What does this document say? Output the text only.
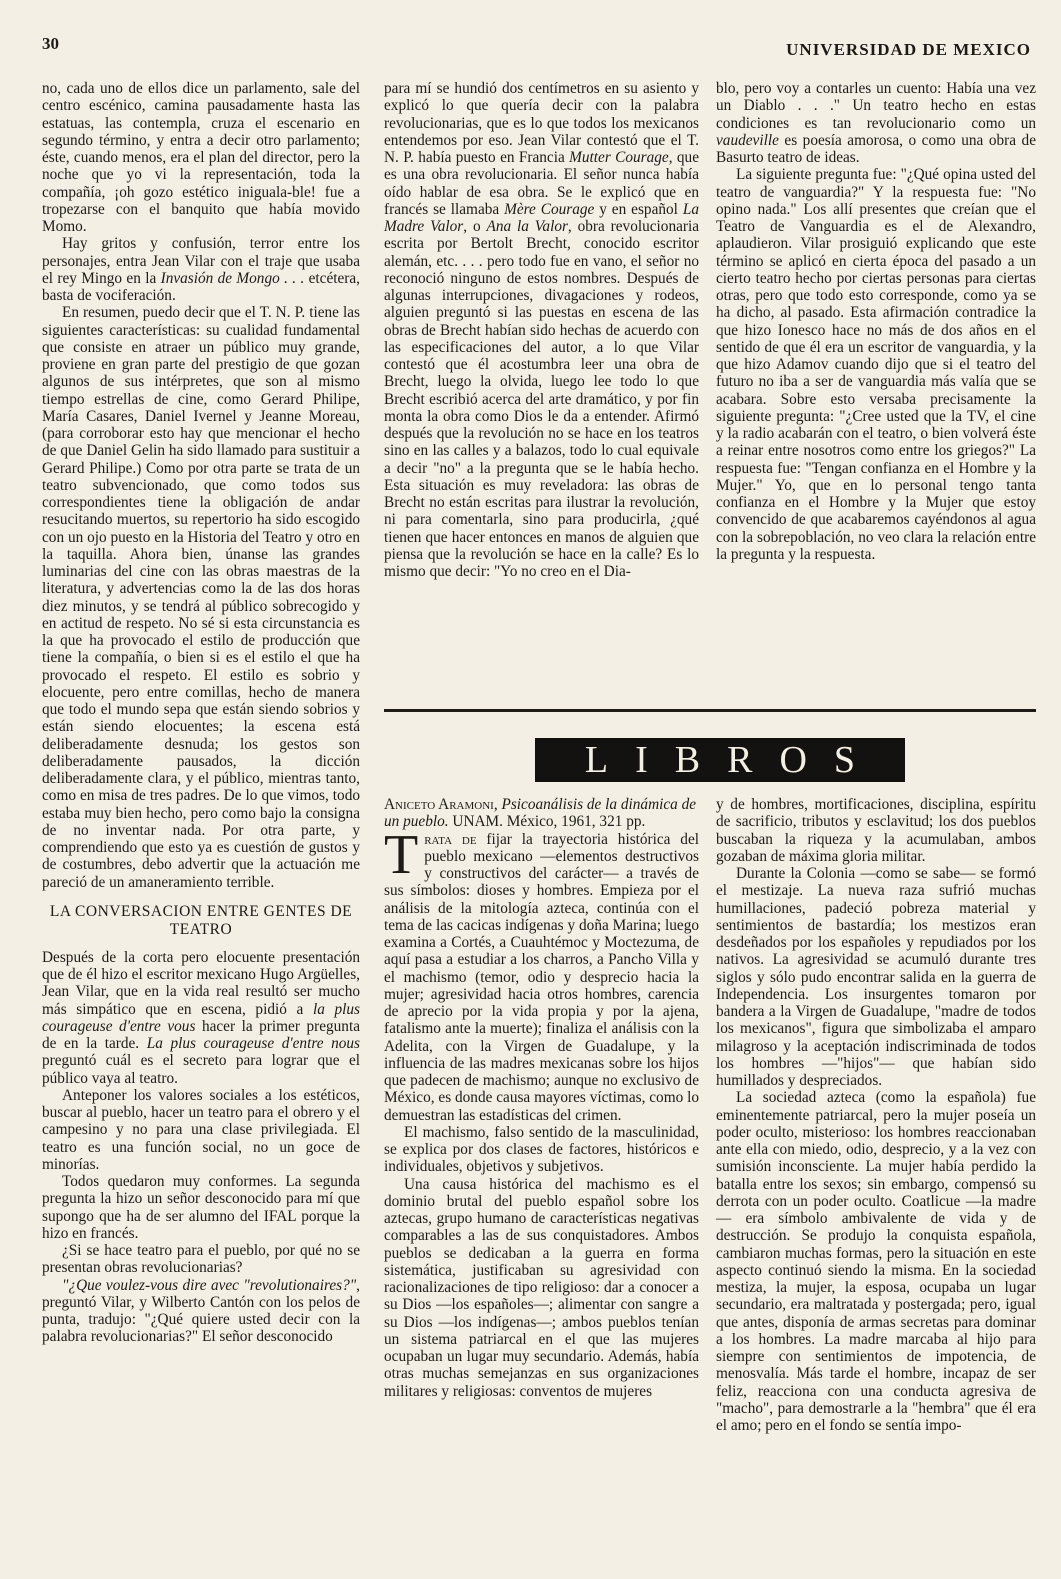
30	UNIVERSIDAD DE MEXICO

no, cada uno de ellos dice un parlamento, sale del centro escénico, camina pausadamente hasta las estatuas, las contempla, cruza el escenario en segundo término, y entra a decir otro parlamento; éste, cuando menos, era el plan del director, pero la noche que yo vi la representación, toda la compañía, ¡oh gozo estético iniguala-ble! fue a tropezarse con el banquito que había movido Momo.

Hay gritos y confusión, terror entre los personajes, entra Jean Vilar con el traje que usaba el rey Mingo en la Invasión de Mongo . . . etcétera, basta de vociferación.

En resumen, puedo decir que el T. N. P. tiene las siguientes características: su cualidad fundamental que consiste en atraer un público muy grande, proviene en gran parte del prestigio de que gozan algunos de sus intérpretes, que son al mismo tiempo estrellas de cine, como Gerard Philipe, María Casares, Daniel Ivernel y Jeanne Moreau, (para corroborar esto hay que mencionar el hecho de que Daniel Gelin ha sido llamado para sustituir a Gerard Philipe.) Como por otra parte se trata de un teatro subvencionado, que como todos sus correspondientes tiene la obligación de andar resucitando muertos, su repertorio ha sido escogido con un ojo puesto en la Historia del Teatro y otro en la taquilla. Ahora bien, únanse las grandes luminarias del cine con las obras maestras de la literatura, y advertencias como la de las dos horas diez minutos, y se tendrá al público sobrecogido y en actitud de respeto. No sé si esta circunstancia es la que ha provocado el estilo de producción que tiene la compañía, o bien si es el estilo el que ha provocado el respeto. El estilo es sobrio y elocuente, pero entre comillas, hecho de manera que todo el mundo sepa que están siendo sobrios y están siendo elocuentes; la escena está deliberadamente desnuda; los gestos son deliberadamente pausados, la dicción deliberadamente clara, y el público, mientras tanto, como en misa de tres padres. De lo que vimos, todo estaba muy bien hecho, pero como bajo la consigna de no inventar nada. Por otra parte, y comprendiendo que esto ya es cuestión de gustos y de costumbres, debo advertir que la actuación me pareció de un amaneramiento terrible.

LA CONVERSACION ENTRE GENTES DE TEATRO

Después de la corta pero elocuente presentación que de él hizo el escritor mexicano Hugo Argüelles, Jean Vilar, que en la vida real resultó ser mucho más simpático que en escena, pidió a la plus courageuse d'entre vous hacer la primer pregunta de en la tarde. La plus courageuse d'entre nous preguntó cuál es el secreto para lograr que el público vaya al teatro.

Anteponer los valores sociales a los estéticos, buscar al pueblo, hacer un teatro para el obrero y el campesino y no para una clase privilegiada. El teatro es una función social, no un goce de minorías.

Todos quedaron muy conformes. La segunda pregunta la hizo un señor desconocido para mí que supongo que ha de ser alumno del IFAL porque la hizo en francés.

¿Si se hace teatro para el pueblo, por qué no se presentan obras revolucionarias?

"¿Que voulez-vous dire avec "revolutionaires?", preguntó Vilar, y Wilberto Cantón con los pelos de punta, tradujo: "¿Qué quiere usted decir con la palabra revolucionarias?" El señor desconocido

para mí se hundió dos centímetros en su asiento y explicó lo que quería decir con la palabra revolucionarias, que es lo que todos los mexicanos entendemos por eso. Jean Vilar contestó que el T. N. P. había puesto en Francia Mutter Courage, que es una obra revolucionaria. El señor nunca había oído hablar de esa obra. Se le explicó que en francés se llamaba Mère Courage y en español La Madre Valor, o Ana la Valor, obra revolucionaria escrita por Bertolt Brecht, conocido escritor alemán, etc. . . . pero todo fue en vano, el señor no reconoció ninguno de estos nombres. Después de algunas interrupciones, divagaciones y rodeos, alguien preguntó si las puestas en escena de las obras de Brecht habían sido hechas de acuerdo con las especificaciones del autor, a lo que Vilar contestó que él acostumbra leer una obra de Brecht, luego la olvida, luego lee todo lo que Brecht escribió acerca del arte dramático, y por fin monta la obra como Dios le da a entender. Afirmó después que la revolución no se hace en los teatros sino en las calles y a balazos, todo lo cual equivale a decir "no" a la pregunta que se le había hecho. Esta situación es muy reveladora: las obras de Brecht no están escritas para ilustrar la revolución, ni para comentarla, sino para producirla, ¿qué tienen que hacer entonces en manos de alguien que piensa que la revolución se hace en la calle? Es lo mismo que decir: "Yo no creo en el Dia-

blo, pero voy a contarles un cuento: Había una vez un Diablo . . ." Un teatro hecho en estas condiciones es tan revolucionario como un vaudeville es poesía amorosa, o como una obra de Basurto teatro de ideas.

La siguiente pregunta fue: "¿Qué opina usted del teatro de vanguardia?" Y la respuesta fue: "No opino nada." Los allí presentes que creían que el Teatro de Vanguardia es el de Alexandro, aplaudieron. Vilar prosiguió explicando que este término se aplicó en cierta época del pasado a un cierto teatro hecho por ciertas personas para ciertas otras, pero que todo esto corresponde, como ya se ha dicho, al pasado. Esta afirmación contradice la que hizo Ionesco hace no más de dos años en el sentido de que él era un escritor de vanguardia, y la que hizo Adamov cuando dijo que si el teatro del futuro no iba a ser de vanguardia más valía que se acabara. Sobre esto versaba precisamente la siguiente pregunta: "¿Cree usted que la TV, el cine y la radio acabarán con el teatro, o bien volverá éste a reinar entre nosotros como entre los griegos?" La respuesta fue: "Tengan confianza en el Hombre y la Mujer." Yo, que en lo personal tengo tanta confianza en el Hombre y la Mujer que estoy convencido de que acabaremos cayéndonos al agua con la sobrepoblación, no veo clara la relación entre la pregunta y la respuesta.

LIBROS

Aniceto Aramoni, Psicoanálisis de la dinámica de un pueblo. UNAM. México, 1961, 321 pp.

Trata de fijar la trayectoria histórica del pueblo mexicano —elementos destructivos y constructivos del carácter— a través de sus símbolos: dioses y hombres. Empieza por el análisis de la mitología azteca, continúa con el tema de las cacicas indígenas y doña Marina; luego examina a Cortés, a Cuauhtémoc y Moctezuma, de aquí pasa a estudiar a los charros, a Pancho Villa y el machismo (temor, odio y desprecio hacia la mujer; agresividad hacia otros hombres, carencia de aprecio por la vida propia y por la ajena, fatalismo ante la muerte); finaliza el análisis con la Adelita, con la Virgen de Guadalupe, y la influencia de las madres mexicanas sobre los hijos que padecen de machismo; aunque no exclusivo de México, es donde causa mayores víctimas, como lo demuestran las estadísticas del crimen.

El machismo, falso sentido de la masculinidad, se explica por dos clases de factores, históricos e individuales, objetivos y subjetivos.

Una causa histórica del machismo es el dominio brutal del pueblo español sobre los aztecas, grupo humano de características negativas comparables a las de sus conquistadores. Ambos pueblos se dedicaban a la guerra en forma sistemática, justificaban su agresividad con racionalizaciones de tipo religioso: dar a conocer a su Dios —los españoles—; alimentar con sangre a su Dios —los indígenas—; ambos pueblos tenían un sistema patriarcal en el que las mujeres ocupaban un lugar muy secundario. Además, había otras muchas semejanzas en sus organizaciones militares y religiosas: conventos de mujeres

y de hombres, mortificaciones, disciplina, espíritu de sacrificio, tributos y esclavitud; los dos pueblos buscaban la riqueza y la acumulaban, ambos gozaban de máxima gloria militar.

Durante la Colonia —como se sabe— se formó el mestizaje. La nueva raza sufrió muchas humillaciones, padeció pobreza material y sentimientos de bastardía; los mestizos eran desdeñados por los españoles y repudiados por los nativos. La agresividad se acumuló durante tres siglos y sólo pudo encontrar salida en la guerra de Independencia. Los insurgentes tomaron por bandera a la Virgen de Guadalupe, "madre de todos los mexicanos", figura que simbolizaba el amparo milagroso y la aceptación indiscriminada de todos los hombres —"hijos"— que habían sido humillados y despreciados.

La sociedad azteca (como la española) fue eminentemente patriarcal, pero la mujer poseía un poder oculto, misterioso: los hombres reaccionaban ante ella con miedo, odio, desprecio, y a la vez con sumisión inconsciente. La mujer había perdido la batalla entre los sexos; sin embargo, compensó su derrota con un poder oculto. Coatlicue —la madre— era símbolo ambivalente de vida y de destrucción. Se produjo la conquista española, cambiaron muchas formas, pero la situación en este aspecto continuó siendo la misma. En la sociedad mestiza, la mujer, la esposa, ocupaba un lugar secundario, era maltratada y postergada; pero, igual que antes, disponía de armas secretas para dominar a los hombres. La madre marcaba al hijo para siempre con sentimientos de impotencia, de menosvalía. Más tarde el hombre, incapaz de ser feliz, reacciona con una conducta agresiva de "macho", para demostrarle a la "hembra" que él era el amo; pero en el fondo se sentía impo-
